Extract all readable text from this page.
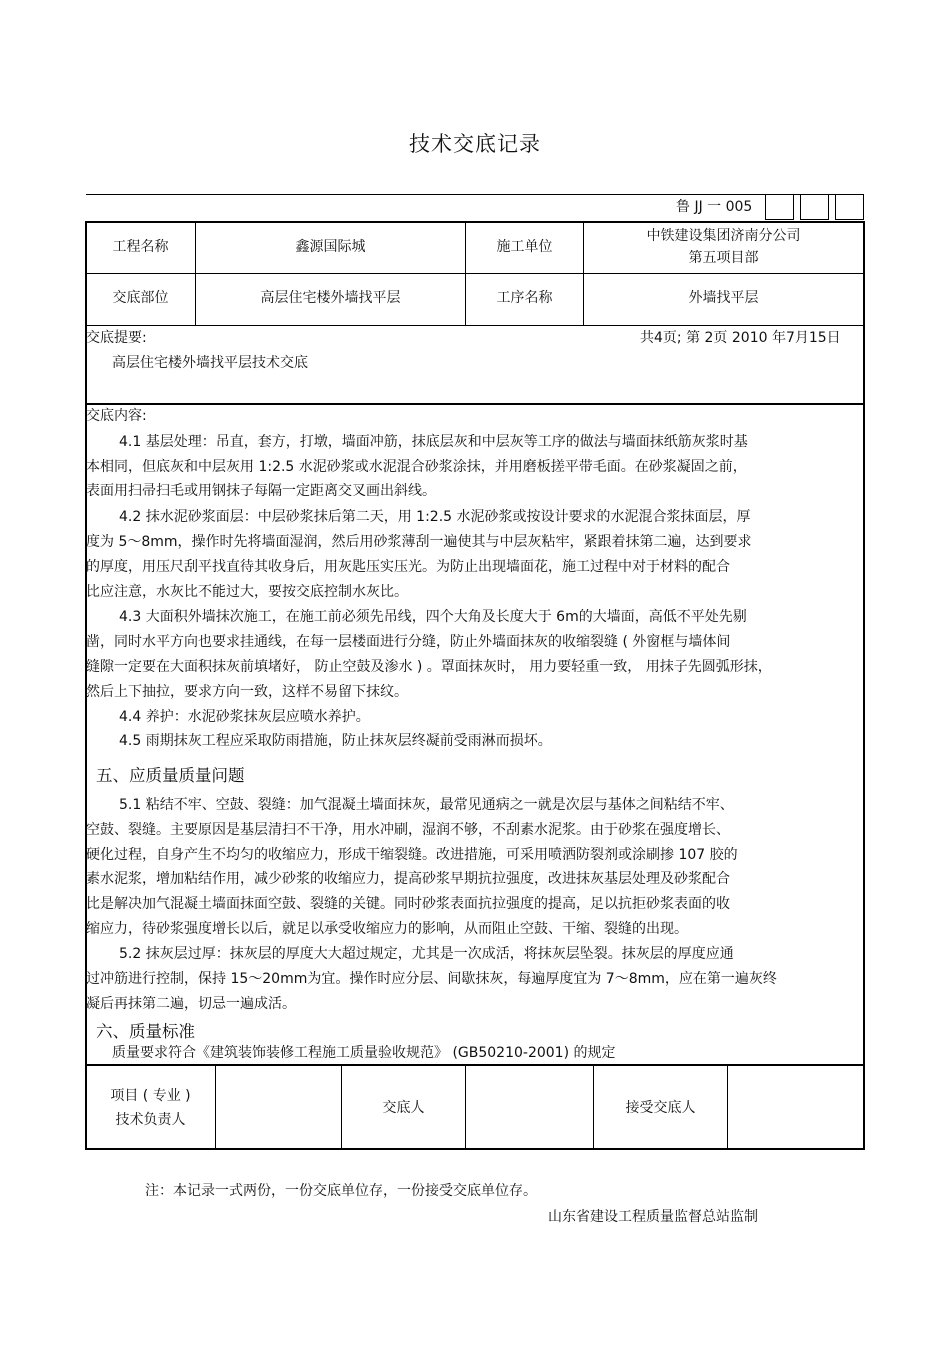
技术交底记录
鲁 JJ 一 005
工程名称	鑫源国际城	施工单位
中铁建设集团济南分公司
第五项目部
交底部位	高层住宅楼外墙找平层	工序名称	外墙找平层
交底提要:	共4页; 第 2页 2010 年7月15日
高层住宅楼外墙找平层技术交底
交底内容:
4.1 基层处理：吊直，套方，打墩，墙面冲筋，抹底层灰和中层灰等工序的做法与墙面抹纸筋灰浆时基
本相同，但底灰和中层灰用 1:2.5 水泥砂浆或水泥混合砂浆涂抹，并用磨板搓平带毛面。在砂浆凝固之前，
表面用扫帚扫毛或用钢抹子每隔一定距离交叉画出斜线。
4.2 抹水泥砂浆面层：中层砂浆抹后第二天，用 1:2.5 水泥砂浆或按设计要求的水泥混合浆抹面层，厚
度为 5～8mm，操作时先将墙面湿润，然后用砂浆薄刮一遍使其与中层灰粘牢，紧跟着抹第二遍，达到要求
的厚度，用压尺刮平找直待其收身后，用灰匙压实压光。为防止出现墙面花，施工过程中对于材料的配合
比应注意，水灰比不能过大，要按交底控制水灰比。
4.3 大面积外墙抹次施工，在施工前必须先吊线，四个大角及长度大于 6m的大墙面，高低不平处先剔
凿，同时水平方向也要求挂通线，在每一层楼面进行分缝，防止外墙面抹灰的收缩裂缝 ( 外窗框与墙体间
缝隙一定要在大面积抹灰前填堵好， 防止空鼓及渗水 ) 。罩面抹灰时， 用力要轻重一致， 用抹子先圆弧形抹，
然后上下抽拉，要求方向一致，这样不易留下抹纹。
4.4 养护：水泥砂浆抹灰层应喷水养护。
4.5 雨期抹灰工程应采取防雨措施，防止抹灰层终凝前受雨淋而损坏。
五、应质量质量问题
5.1 粘结不牢、空鼓、裂缝：加气混凝土墙面抹灰，最常见通病之一就是次层与基体之间粘结不牢、
空鼓、裂缝。主要原因是基层清扫不干净，用水冲刷，湿润不够，不刮素水泥浆。由于砂浆在强度增长、
硬化过程，自身产生不均匀的收缩应力，形成干缩裂缝。改进措施，可采用喷洒防裂剂或涂刷掺 107 胶的
素水泥浆，增加粘结作用，减少砂浆的收缩应力，提高砂浆早期抗拉强度，改进抹灰基层处理及砂浆配合
比是解决加气混凝土墙面抹面空鼓、裂缝的关键。同时砂浆表面抗拉强度的提高，足以抗拒砂浆表面的收
缩应力，待砂浆强度增长以后，就足以承受收缩应力的影响，从而阻止空鼓、干缩、裂缝的出现。
5.2 抹灰层过厚：抹灰层的厚度大大超过规定，尤其是一次成活，将抹灰层坠裂。抹灰层的厚度应通
过冲筋进行控制，保持 15～20mm为宜。操作时应分层、间歇抹灰，每遍厚度宜为 7～8mm，应在第一遍灰终
凝后再抹第二遍，切忌一遍成活。
六、质量标准
质量要求符合《建筑装饰装修工程施工质量验收规范》 (GB50210-2001) 的规定
项目 ( 专业 )
技术负责人
交底人	接受交底人
注：本记录一式两份，一份交底单位存，一份接受交底单位存。
山东省建设工程质量监督总站监制
